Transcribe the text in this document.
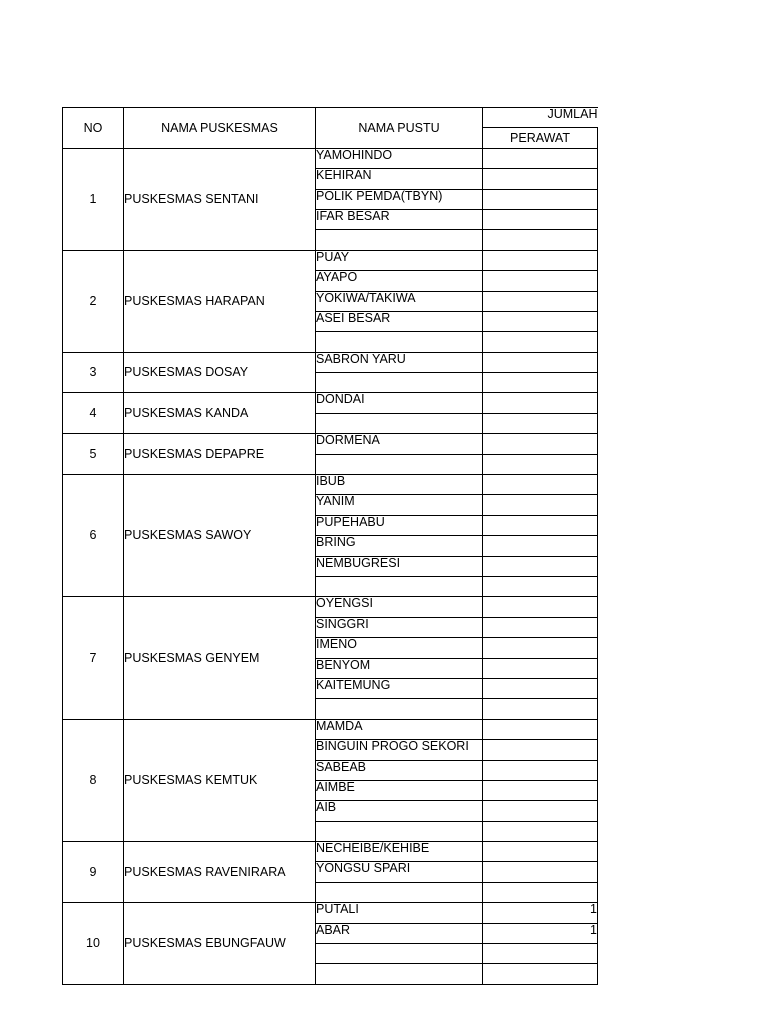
NO	NAMA PUSKESMAS	NAMA PUSTU	JUMLAH
			PERAWAT
1	PUSKESMAS SENTANI	YAMOHINDO	
		KEHIRAN	
		POLIK PEMDA(TBYN)	
		IFAR BESAR	

2	PUSKESMAS HARAPAN	PUAY	
		AYAPO	
		YOKIWA/TAKIWA	
		ASEI BESAR	

3	PUSKESMAS DOSAY	SABRON YARU	

4	PUSKESMAS KANDA	DONDAI	

5	PUSKESMAS DEPAPRE	DORMENA	

6	PUSKESMAS SAWOY	IBUB	
		YANIM	
		PUPEHABU	
		BRING	
		NEMBUGRESI	

7	PUSKESMAS GENYEM	OYENGSI	
		SINGGRI	
		IMENO	
		BENYOM	
		KAITEMUNG	

8	PUSKESMAS KEMTUK	MAMDA	
		BINGUIN PROGO SEKORI	
		SABEAB	
		AIMBE	
		AIB	

9	PUSKESMAS RAVENIRARA	NECHEIBE/KEHIBE	
		YONGSU SPARI	

10	PUSKESMAS EBUNGFAUW	PUTALI	1
		ABAR	1
